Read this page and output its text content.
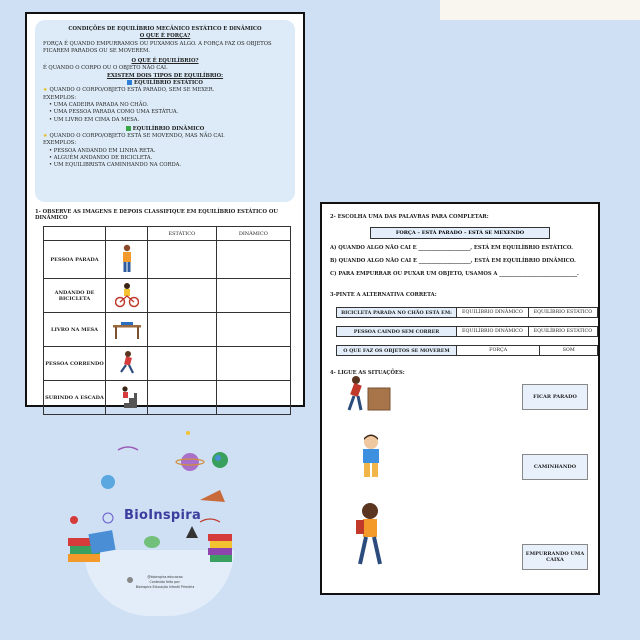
CONDIÇÕES DE EQUILÍBRIO MECÂNICO ESTÁTICO E DINÂMICO
O QUE É FORÇA?
FORÇA É QUANDO EMPURRAMOS OU PUXAMOS ALGO. A FORÇA FAZ OS OBJETOS FICAREM PARADOS OU SE MOVEREM.
O QUE É EQUILÍBRIO?
É QUANDO O CORPO OU O OBJETO NÃO CAI.
EXISTEM DOIS TIPOS DE EQUILÍBRIO:
EQUILÍBRIO ESTÁTICO
★ QUANDO O CORPO/OBJETO ESTÁ PARADO, SEM SE MEXER.
EXEMPLOS:
• UMA CADEIRA PARADA NO CHÃO.
• UMA PESSOA PARADA COMO UMA ESTÁTUA.
• UM LIVRO EM CIMA DA MESA.
EQUILÍBRIO DINÂMICO
★ QUANDO O CORPO/OBJETO ESTÁ SE MOVENDO, MAS NÃO CAI.
EXEMPLOS:
• PESSOA ANDANDO EM LINHA RETA.
• ALGUÉM ANDANDO DE BICICLETA.
• UM EQUILIBRISTA CAMINHANDO NA CORDA.
1- OBSERVE AS IMAGENS E DEPOIS CLASSIFIQUE EM EQUILÍBRIO ESTÁTICO OU DINÂMICO
		ESTÁTICO	DINÂMICO
PESSOA PARADA			
ANDANDO DE BICICLETA			
LIVRO NA MESA			
PESSOA CORRENDO			
SUBINDO A ESCADA			
2- ESCOLHA UMA DAS PALAVRAS PARA COMPLETAR:
FORÇA – ESTÁ PARADO – ESTÁ SE MEXENDO
A) QUANDO ALGO NÃO CAI E ____________________, ESTÁ EM EQUILÍBRIO ESTÁTICO.
B) QUANDO ALGO NÃO CAI E ____________________, ESTÁ EM EQUILÍBRIO DINÂMICO.
C) PARA EMPURRAR OU PUXAR UM OBJETO, USAMOS A ______________________________.
3-PINTE A ALTERNATIVA CORRETA:
BICICLETA PARADA NO CHÃO ESTÁ EM:	EQUILÍBRIO DINÂMICO	EQUILÍBRIO ESTÁTICO
PESSOA CAINDO SEM CORRER	EQUILÍBRIO DINÂMICO	EQUILÍBRIO ESTÁTICO
O QUE FAZ OS OBJETOS SE MOVEREM	FORÇA	SOM
4- LIGUE AS SITUAÇÕES:
FICAR PARADO
CAMINHANDO
EMPURRANDO UMA CAIXA
BioInspira
@bioinspira.educacao
Conteúdo feito por:
Bioinspira Educação Infantil Primária
